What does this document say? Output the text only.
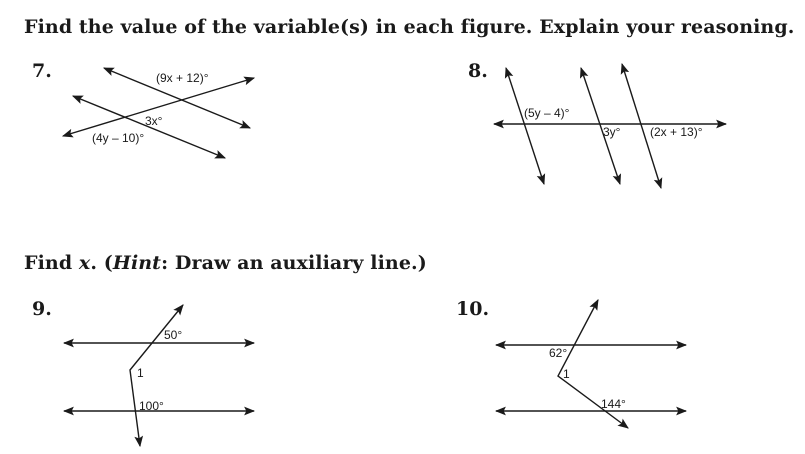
Find the value of the variable(s) in each figure. Explain your reasoning.
Find x. (Hint: Draw an auxiliary line.)
7.	8.
9.	10.
(9x + 12)°
3x°
(4y – 10)°
(5y – 4)°
3y° (2x + 13)°
50°
1
100°
62°
1
144°
